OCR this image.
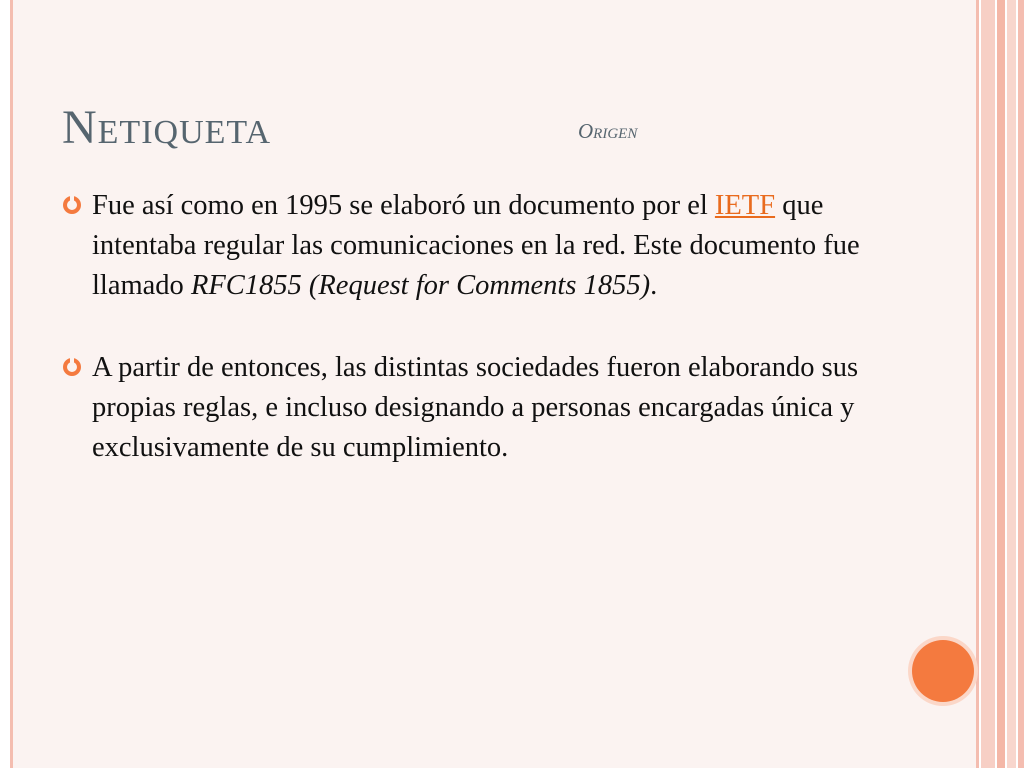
Netiqueta	Origen
Fue así como en 1995 se elaboró un documento por el IETF que intentaba regular las comunicaciones en la red. Este documento fue llamado RFC1855 (Request for Comments 1855).
A partir de entonces, las distintas sociedades fueron elaborando sus propias reglas, e incluso designando a personas encargadas única y exclusivamente de su cumplimiento.
